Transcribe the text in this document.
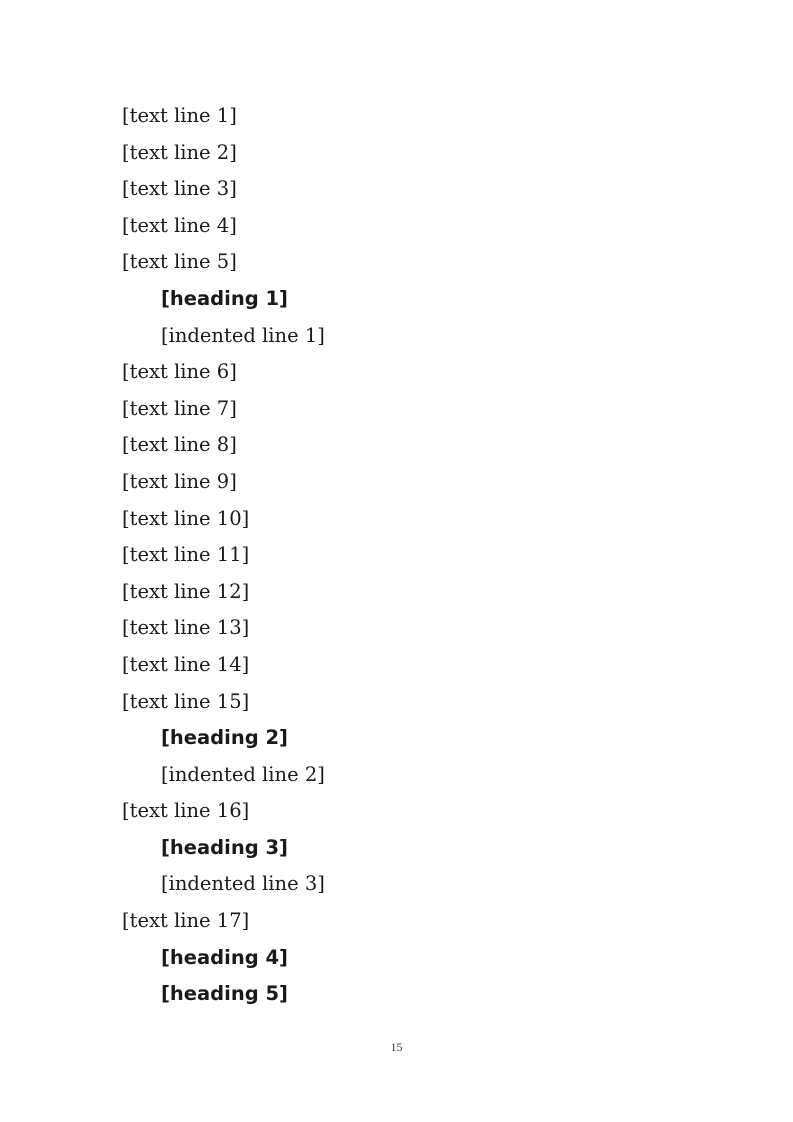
[text line 1]
[text line 2]
[text line 3]
[text line 4]
[text line 5]
[heading 1]
[indented line 1]
[text line 6]
[text line 7]
[text line 8]
[text line 9]
[text line 10]
[text line 11]
[text line 12]
[text line 13]
[text line 14]
[text line 15]
[heading 2]
[indented line 2]
[text line 16]
[heading 3]
[indented line 3]
[text line 17]
[heading 4]
[heading 5]
15
